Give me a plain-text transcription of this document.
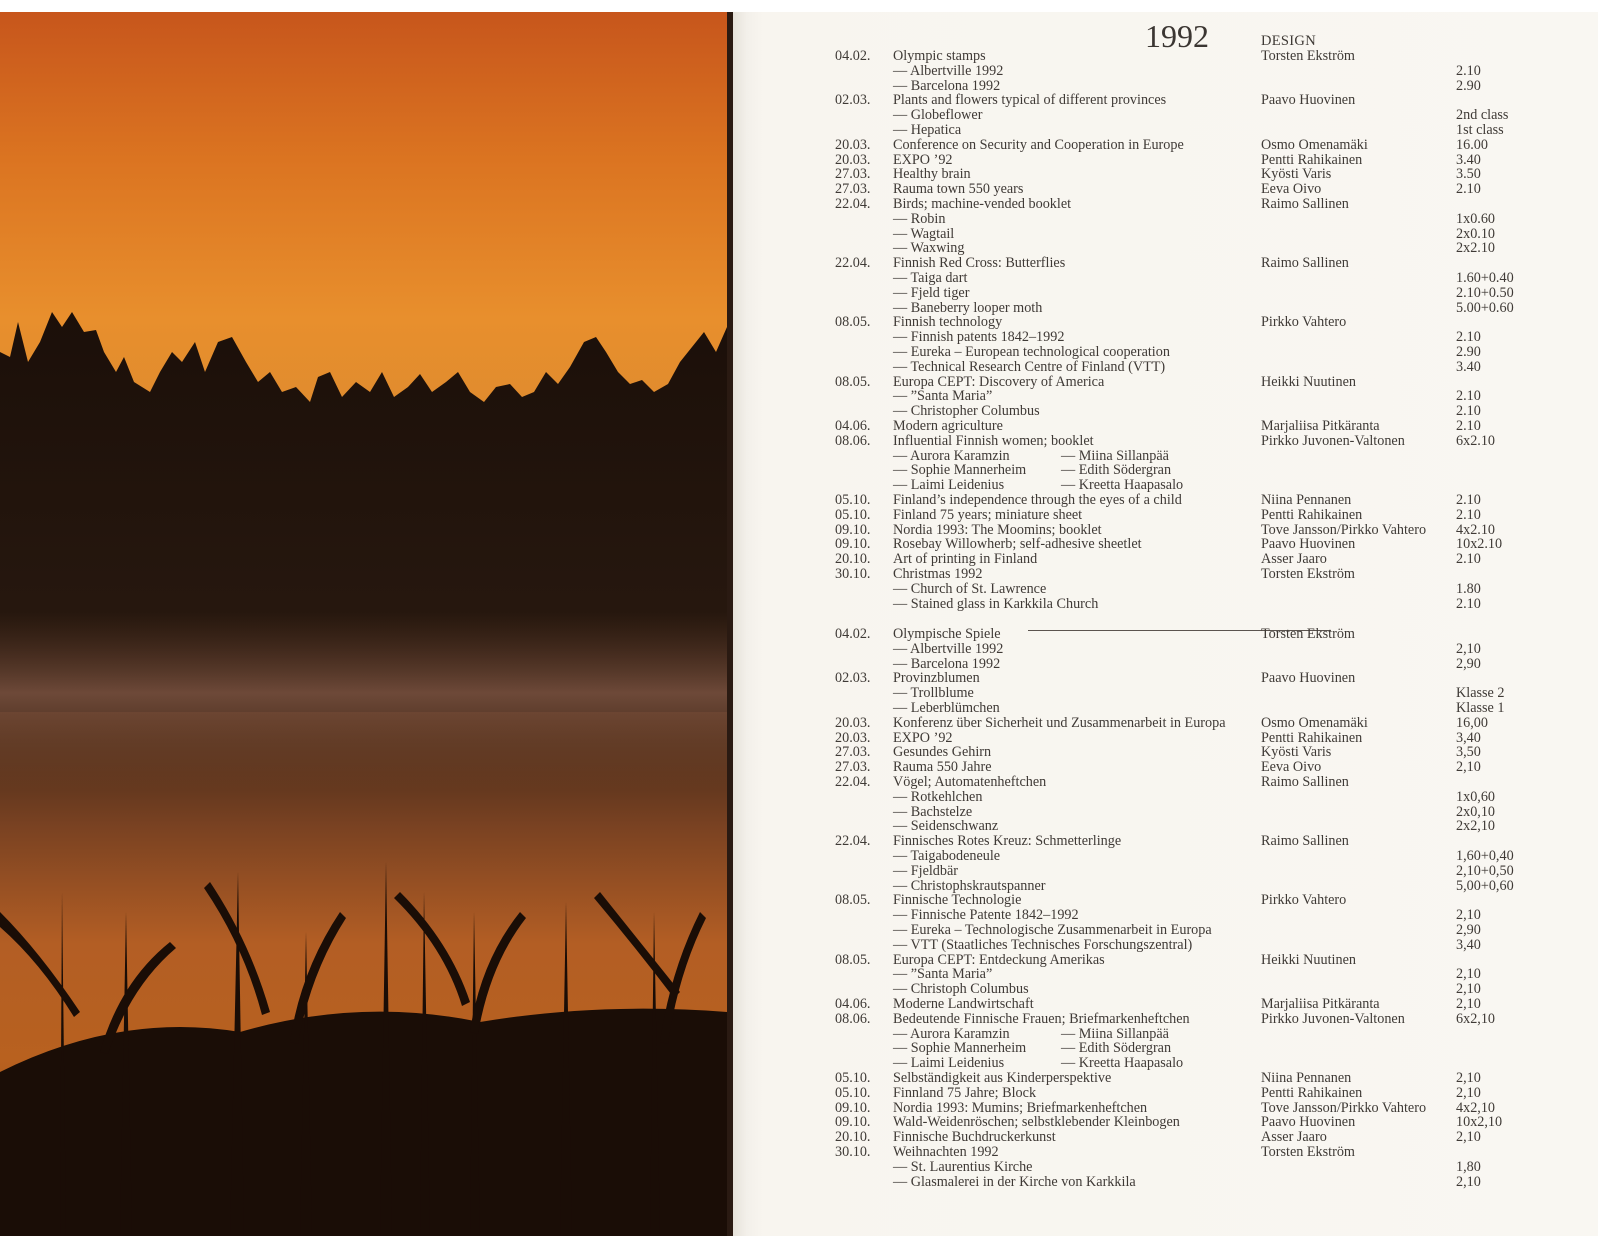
1992	DESIGN
04.02. Olympic stamps	Torsten Ekström
— Albertville 1992	2.10
— Barcelona 1992	2.90
02.03. Plants and flowers typical of different provinces	Paavo Huovinen
— Globeflower	2nd class
— Hepatica	1st class
20.03. Conference on Security and Cooperation in Europe	Osmo Omenamäki	16.00
20.03. EXPO ’92	Pentti Rahikainen	3.40
27.03. Healthy brain	Kyösti Varis	3.50
27.03. Rauma town 550 years	Eeva Oivo	2.10
22.04. Birds; machine-vended booklet	Raimo Sallinen
— Robin	1x0.60
— Wagtail	2x0.10
— Waxwing	2x2.10
22.04. Finnish Red Cross: Butterflies	Raimo Sallinen
— Taiga dart	1.60+0.40
— Fjeld tiger	2.10+0.50
— Baneberry looper moth	5.00+0.60
08.05. Finnish technology	Pirkko Vahtero
— Finnish patents 1842–1992	2.10
— Eureka – European technological cooperation	2.90
— Technical Research Centre of Finland (VTT)	3.40
08.05. Europa CEPT: Discovery of America	Heikki Nuutinen
— ”Santa Maria”	2.10
— Christopher Columbus	2.10
04.06. Modern agriculture	Marjaliisa Pitkäranta	2.10
08.06. Influential Finnish women; booklet	Pirkko Juvonen-Valtonen	6x2.10
— Aurora Karamzin	— Miina Sillanpää
— Sophie Mannerheim — Edith Södergran
— Laimi Leidenius	— Kreetta Haapasalo
05.10. Finland’s independence through the eyes of a child	Niina Pennanen	2.10
05.10. Finland 75 years; miniature sheet	Pentti Rahikainen	2.10
09.10. Nordia 1993: The Moomins; booklet	Tove Jansson/Pirkko Vahtero 4x2.10
09.10. Rosebay Willowherb; self-adhesive sheetlet	Paavo Huovinen	10x2.10
20.10. Art of printing in Finland	Asser Jaaro	2.10
30.10. Christmas 1992	Torsten Ekström
— Church of St. Lawrence	1.80
— Stained glass in Karkkila Church	2.10
04.02. Olympische Spiele	Torsten Ekström
— Albertville 1992	2,10
— Barcelona 1992	2,90
02.03. Provinzblumen	Paavo Huovinen
— Trollblume	Klasse 2
— Leberblümchen	Klasse 1
20.03. Konferenz über Sicherheit und Zusammenarbeit in Europa	Osmo Omenamäki	16,00
20.03. EXPO ’92	Pentti Rahikainen	3,40
27.03. Gesundes Gehirn	Kyösti Varis	3,50
27.03. Rauma 550 Jahre	Eeva Oivo	2,10
22.04. Vögel; Automatenheftchen	Raimo Sallinen
— Rotkehlchen	1x0,60
— Bachstelze	2x0,10
— Seidenschwanz	2x2,10
22.04. Finnisches Rotes Kreuz: Schmetterlinge	Raimo Sallinen
— Taigabodeneule	1,60+0,40
— Fjeldbär	2,10+0,50
— Christophskrautspanner	5,00+0,60
08.05. Finnische Technologie	Pirkko Vahtero
— Finnische Patente 1842–1992	2,10
— Eureka – Technologische Zusammenarbeit in Europa	2,90
— VTT (Staatliches Technisches Forschungszentral)	3,40
08.05. Europa CEPT: Entdeckung Amerikas	Heikki Nuutinen
— ”Santa Maria”	2,10
— Christoph Columbus	2,10
04.06. Moderne Landwirtschaft	Marjaliisa Pitkäranta	2,10
08.06. Bedeutende Finnische Frauen; Briefmarkenheftchen	Pirkko Juvonen-Valtonen	6x2,10
— Aurora Karamzin	— Miina Sillanpää
— Sophie Mannerheim — Edith Södergran
— Laimi Leidenius	— Kreetta Haapasalo
05.10. Selbständigkeit aus Kinderperspektive	Niina Pennanen	2,10
05.10. Finnland 75 Jahre; Block	Pentti Rahikainen	2,10
09.10. Nordia 1993: Mumins; Briefmarkenheftchen	Tove Jansson/Pirkko Vahtero 4x2,10
09.10. Wald-Weidenröschen; selbstklebender Kleinbogen	Paavo Huovinen	10x2,10
20.10. Finnische Buchdruckerkunst	Asser Jaaro	2,10
30.10. Weihnachten 1992	Torsten Ekström
— St. Laurentius Kirche	1,80
— Glasmalerei in der Kirche von Karkkila	2,10
